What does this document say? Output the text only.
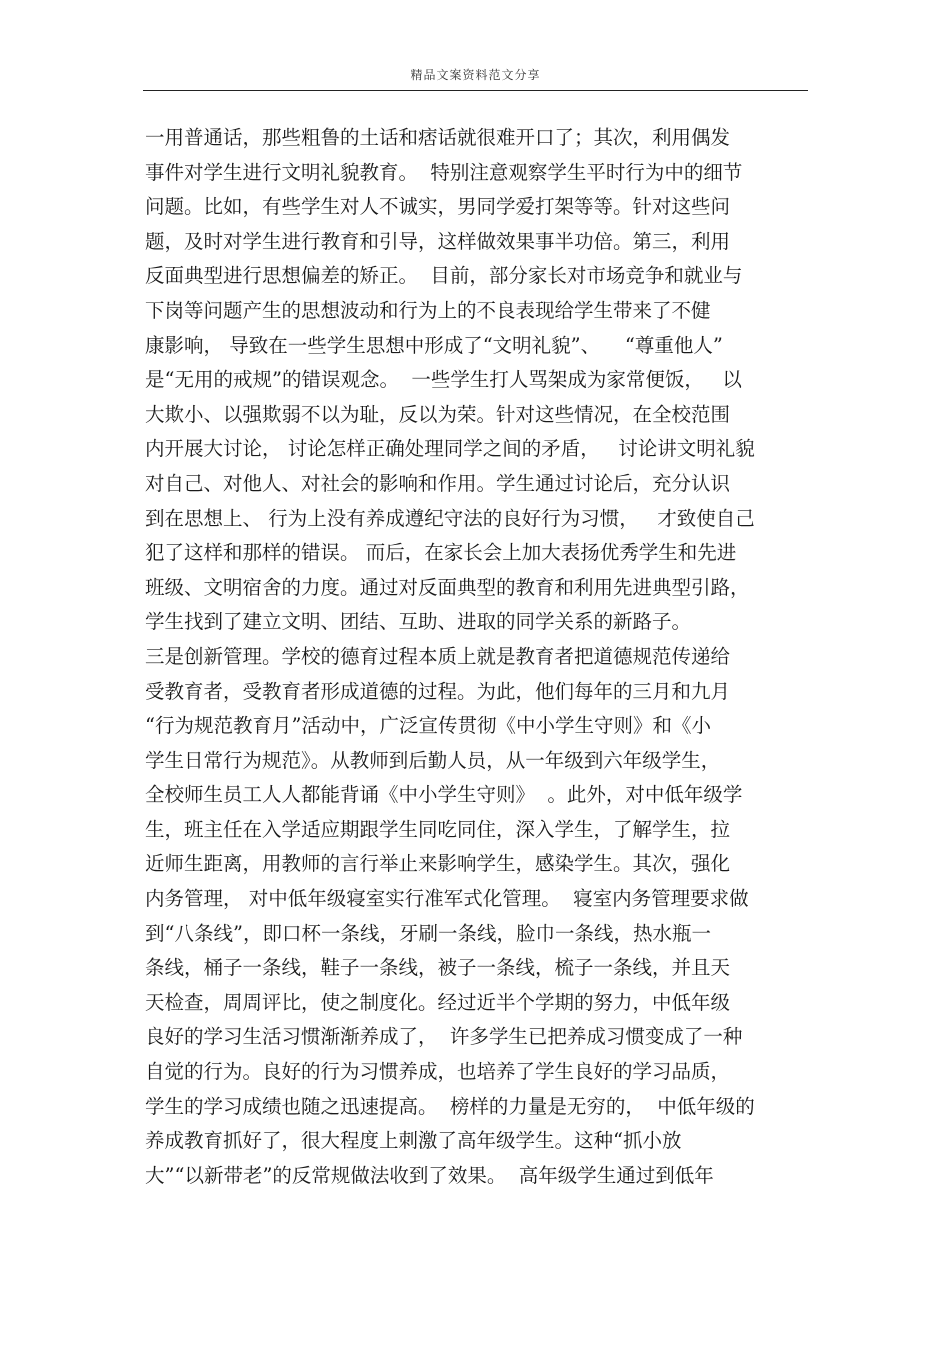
精品文案资料范文分享
一用普通话，那些粗鲁的土话和痞话就很难开口了；其次，利用偶发
事件对学生进行文明礼貌教育。  特别注意观察学生平时行为中的细节
问题。比如，有些学生对人不诚实，男同学爱打架等等。针对这些问
题，及时对学生进行教育和引导，这样做效果事半功倍。第三，利用
反面典型进行思想偏差的矫正。  目前，部分家长对市场竞争和就业与
下岗等问题产生的思想波动和行为上的不良表现给学生带来了不健
康影响， 导致在一些学生思想中形成了“文明礼貌”、    “尊重他人”
是“无用的戒规”的错误观念。  一些学生打人骂架成为家常便饭，   以
大欺小、以强欺弱不以为耻，反以为荣。针对这些情况，在全校范围
内开展大讨论， 讨论怎样正确处理同学之间的矛盾，   讨论讲文明礼貌
对自己、对他人、对社会的影响和作用。学生通过讨论后，充分认识
到在思想上、 行为上没有养成遵纪守法的良好行为习惯，   才致使自己
犯了这样和那样的错误。 而后，在家长会上加大表扬优秀学生和先进
班级、文明宿舍的力度。通过对反面典型的教育和利用先进典型引路，
学生找到了建立文明、团结、互助、进取的同学关系的新路子。
三是创新管理。学校的德育过程本质上就是教育者把道德规范传递给
受教育者，受教育者形成道德的过程。为此，他们每年的三月和九月
“行为规范教育月”活动中，广泛宣传贯彻《中小学生守则》和《小
学生日常行为规范》。从教师到后勤人员，从一年级到六年级学生，
全校师生员工人人都能背诵《中小学生守则》  。此外，对中低年级学
生，班主任在入学适应期跟学生同吃同住，深入学生，了解学生，拉
近师生距离，用教师的言行举止来影响学生，感染学生。其次，强化
内务管理， 对中低年级寝室实行准军式化管理。  寝室内务管理要求做
到“八条线”，即口杯一条线，牙刷一条线，脸巾一条线，热水瓶一
条线，桶子一条线，鞋子一条线，被子一条线，梳子一条线，并且天
天检查，周周评比，使之制度化。经过近半个学期的努力，中低年级
良好的学习生活习惯渐渐养成了，  许多学生已把养成习惯变成了一种
自觉的行为。良好的行为习惯养成，也培养了学生良好的学习品质，
学生的学习成绩也随之迅速提高。  榜样的力量是无穷的，  中低年级的
养成教育抓好了，很大程度上刺激了高年级学生。这种“抓小放
大”“以新带老”的反常规做法收到了效果。  高年级学生通过到低年
